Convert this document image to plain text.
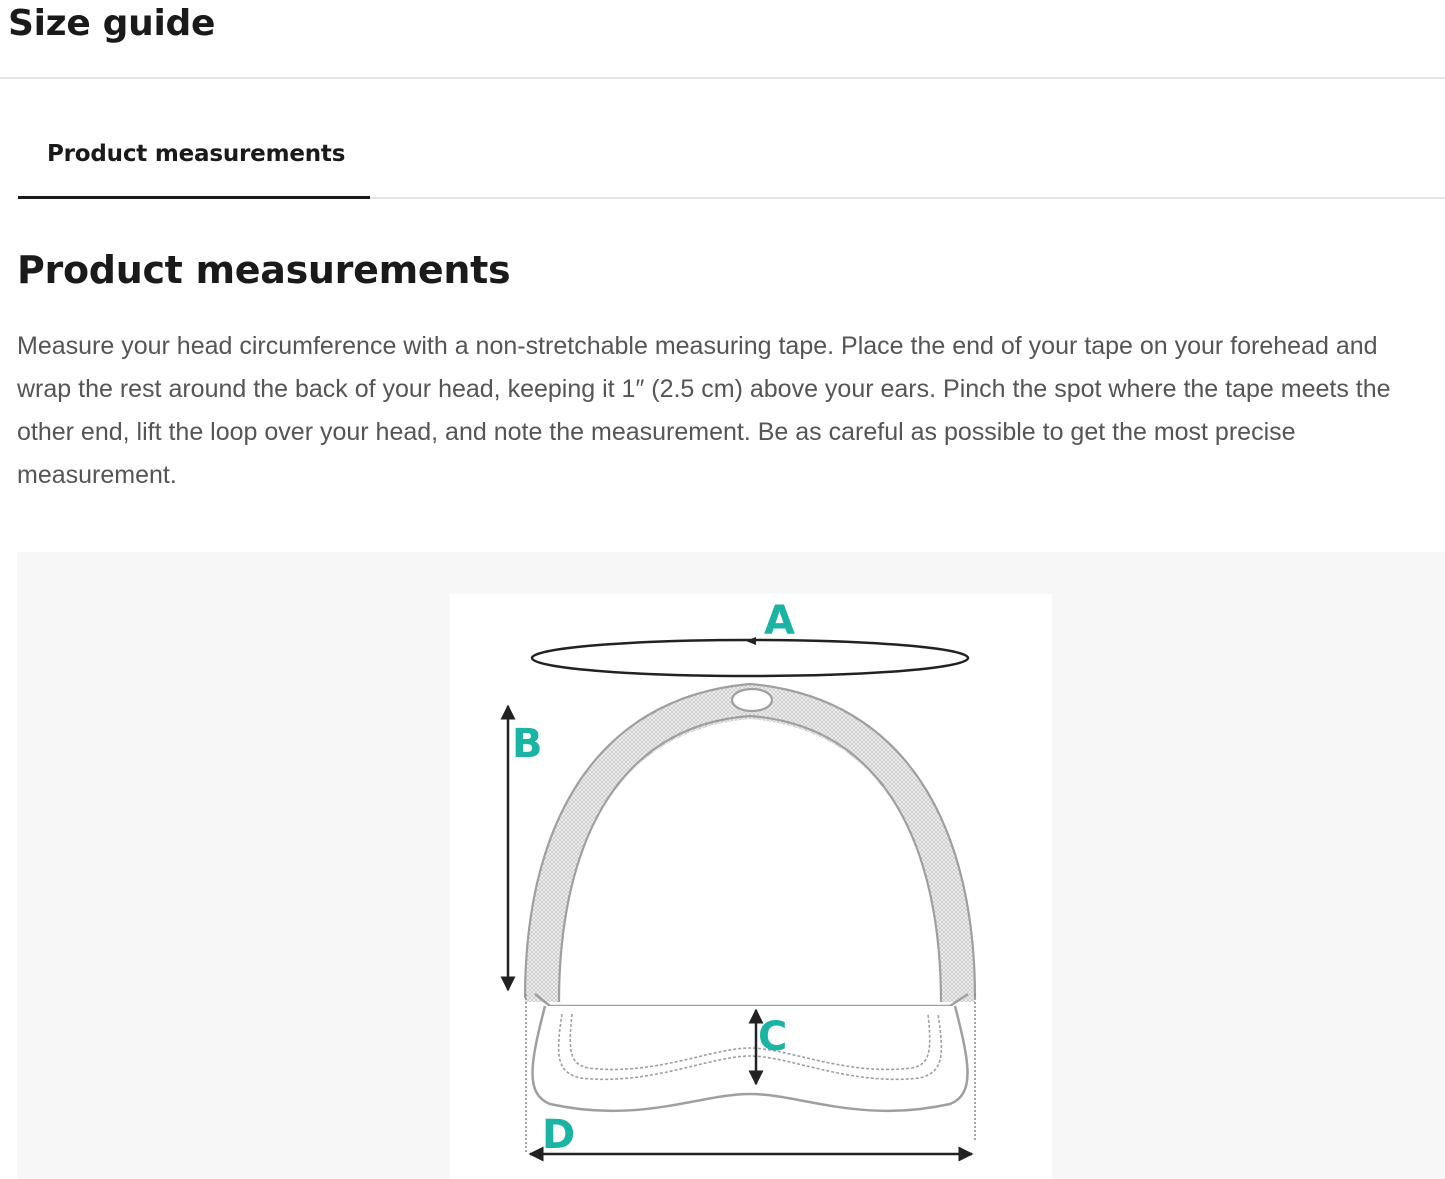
Size guide
Product measurements
Product measurements

Measure your head circumference with a non-stretchable measuring tape. Place the end of your tape on your forehead and wrap the rest around the back of your head, keeping it 1″ (2.5 cm) above your ears. Pinch the spot where the tape meets the other end, lift the loop over your head, and note the measurement. Be as careful as possible to get the most precise measurement.

A
B
C
D
